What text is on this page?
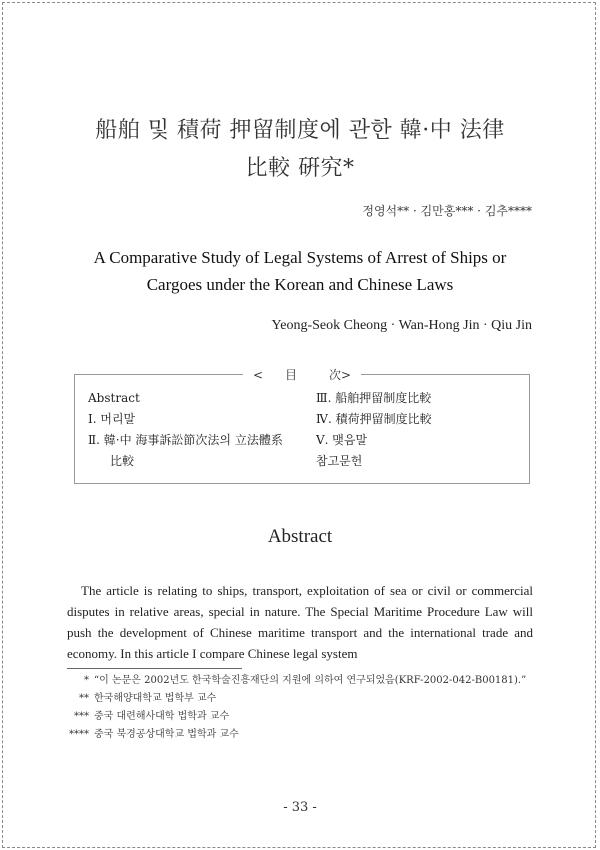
船舶 및 積荷 押留制度에 관한 韓·中 法律
比較 硏究*
정영석** · 김만홍*** · 김추****
A Comparative Study of Legal Systems of Arrest of Ships or
Cargoes under the Korean and Chinese Laws
Yeong-Seok Cheong · Wan-Hong Jin · Qiu Jin
<目 次>
Abstract
Ⅰ. 머리말
Ⅱ. 韓·中 海事訴訟節次法의 立法體系
比較
Ⅲ. 船舶押留制度比較
Ⅳ. 積荷押留制度比較
Ⅴ. 맺음말
참고문헌
Abstract
The article is relating to ships, transport, exploitation of sea or civil or commercial disputes in relative areas, special in nature. The Special Maritime Procedure Law will push the development of Chinese maritime transport and the international trade and economy. In this article I compare Chinese legal system
* “이 논문은 2002년도 한국학술진흥재단의 지원에 의하여 연구되었음(KRF-2002-042-B00181).”
** 한국해양대학교 법학부 교수
*** 중국 대련해사대학 법학과 교수
**** 중국 북경공상대학교 법학과 교수
- 33 -
